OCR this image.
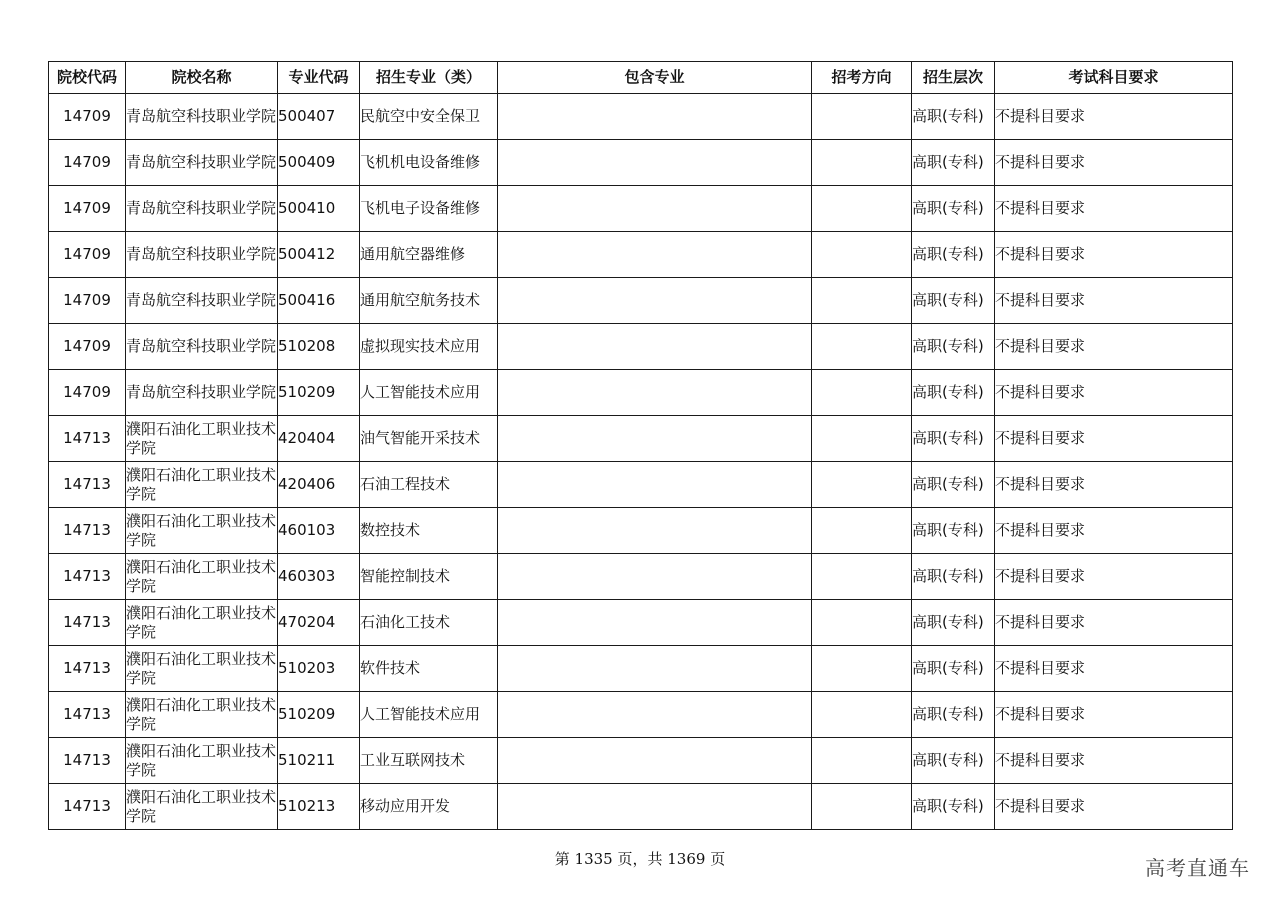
院校代码	院校名称	专业代码	招生专业（类）	包含专业	招考方向	招生层次	考试科目要求
14709	青岛航空科技职业学院	500407	民航空中安全保卫			高职(专科)	不提科目要求
14709	青岛航空科技职业学院	500409	飞机机电设备维修			高职(专科)	不提科目要求
14709	青岛航空科技职业学院	500410	飞机电子设备维修			高职(专科)	不提科目要求
14709	青岛航空科技职业学院	500412	通用航空器维修			高职(专科)	不提科目要求
14709	青岛航空科技职业学院	500416	通用航空航务技术			高职(专科)	不提科目要求
14709	青岛航空科技职业学院	510208	虚拟现实技术应用			高职(专科)	不提科目要求
14709	青岛航空科技职业学院	510209	人工智能技术应用			高职(专科)	不提科目要求
14713	濮阳石油化工职业技术学院	420404	油气智能开采技术			高职(专科)	不提科目要求
14713	濮阳石油化工职业技术学院	420406	石油工程技术			高职(专科)	不提科目要求
14713	濮阳石油化工职业技术学院	460103	数控技术			高职(专科)	不提科目要求
14713	濮阳石油化工职业技术学院	460303	智能控制技术			高职(专科)	不提科目要求
14713	濮阳石油化工职业技术学院	470204	石油化工技术			高职(专科)	不提科目要求
14713	濮阳石油化工职业技术学院	510203	软件技术			高职(专科)	不提科目要求
14713	濮阳石油化工职业技术学院	510209	人工智能技术应用			高职(专科)	不提科目要求
14713	濮阳石油化工职业技术学院	510211	工业互联网技术			高职(专科)	不提科目要求
14713	濮阳石油化工职业技术学院	510213	移动应用开发			高职(专科)	不提科目要求
第 1335 页，共 1369 页	高考直通车
